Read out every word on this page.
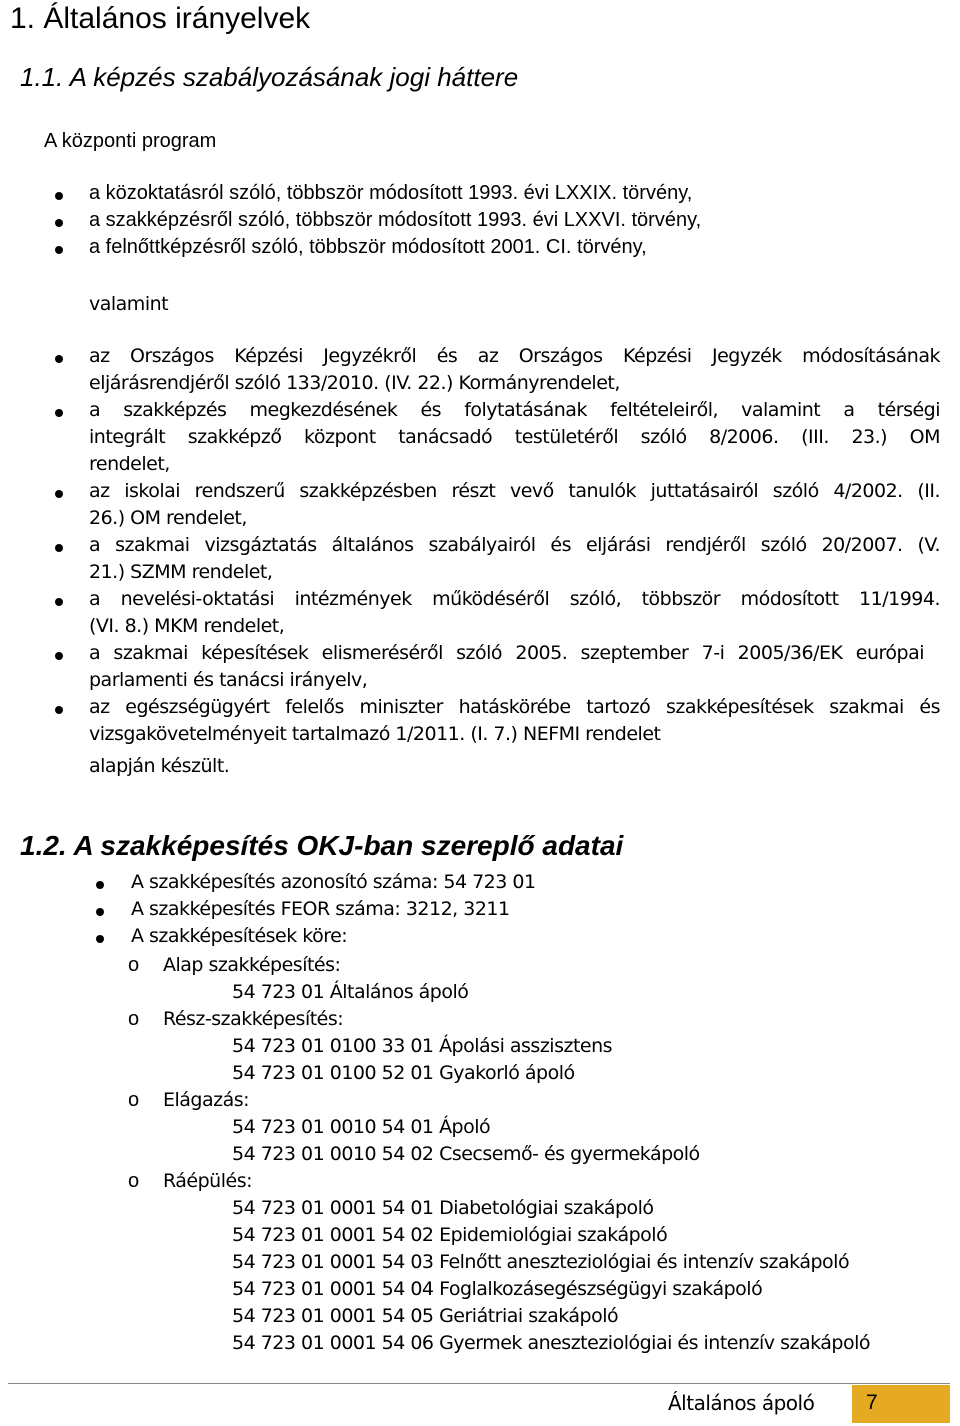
1. Általános irányelvek
1.1. A képzés szabályozásának jogi háttere
A központi program
a közoktatásról szóló, többször módosított 1993. évi LXXIX. törvény,
a szakképzésről szóló, többször módosított 1993. évi LXXVI. törvény,
a felnőttképzésről szóló, többször módosított 2001. CI. törvény,
valamint
az Országos Képzési Jegyzékről és az Országos Képzési Jegyzék módosításának
eljárásrendjéről szóló 133/2010. (IV. 22.) Kormányrendelet,
a szakképzés megkezdésének és folytatásának feltételeiről, valamint a térségi
integrált szakképző központ tanácsadó testületéről szóló 8/2006. (III. 23.) OM
rendelet,
az iskolai rendszerű szakképzésben részt vevő tanulók juttatásairól szóló 4/2002. (II.
26.) OM rendelet,
a szakmai vizsgáztatás általános szabályairól és eljárási rendjéről szóló 20/2007. (V.
21.) SZMM rendelet,
a nevelési-oktatási intézmények működéséről szóló, többször módosított 11/1994.
(VI. 8.) MKM rendelet,
a szakmai képesítések elismeréséről szóló 2005. szeptember 7-i 2005/36/EK európai
parlamenti és tanácsi irányelv,
az egészségügyért felelős miniszter hatáskörébe tartozó szakképesítések szakmai és
vizsgakövetelményeit tartalmazó 1/2011. (I. 7.) NEFMI rendelet
alapján készült.
1.2. A szakképesítés OKJ-ban szereplő adatai
A szakképesítés azonosító száma: 54 723 01
A szakképesítés FEOR száma: 3212, 3211
A szakképesítések köre:
o Alap szakképesítés:
54 723 01 Általános ápoló
o Rész-szakképesítés:
54 723 01 0100 33 01 Ápolási asszisztens
54 723 01 0100 52 01 Gyakorló ápoló
o Elágazás:
54 723 01 0010 54 01 Ápoló
54 723 01 0010 54 02 Csecsemő- és gyermekápoló
o Ráépülés:
54 723 01 0001 54 01 Diabetológiai szakápoló
54 723 01 0001 54 02 Epidemiológiai szakápoló
54 723 01 0001 54 03 Felnőtt aneszteziológiai és intenzív szakápoló
54 723 01 0001 54 04 Foglalkozásegészségügyi szakápoló
54 723 01 0001 54 05 Geriátriai szakápoló
54 723 01 0001 54 06 Gyermek aneszteziológiai és intenzív szakápoló
Általános ápoló 7
